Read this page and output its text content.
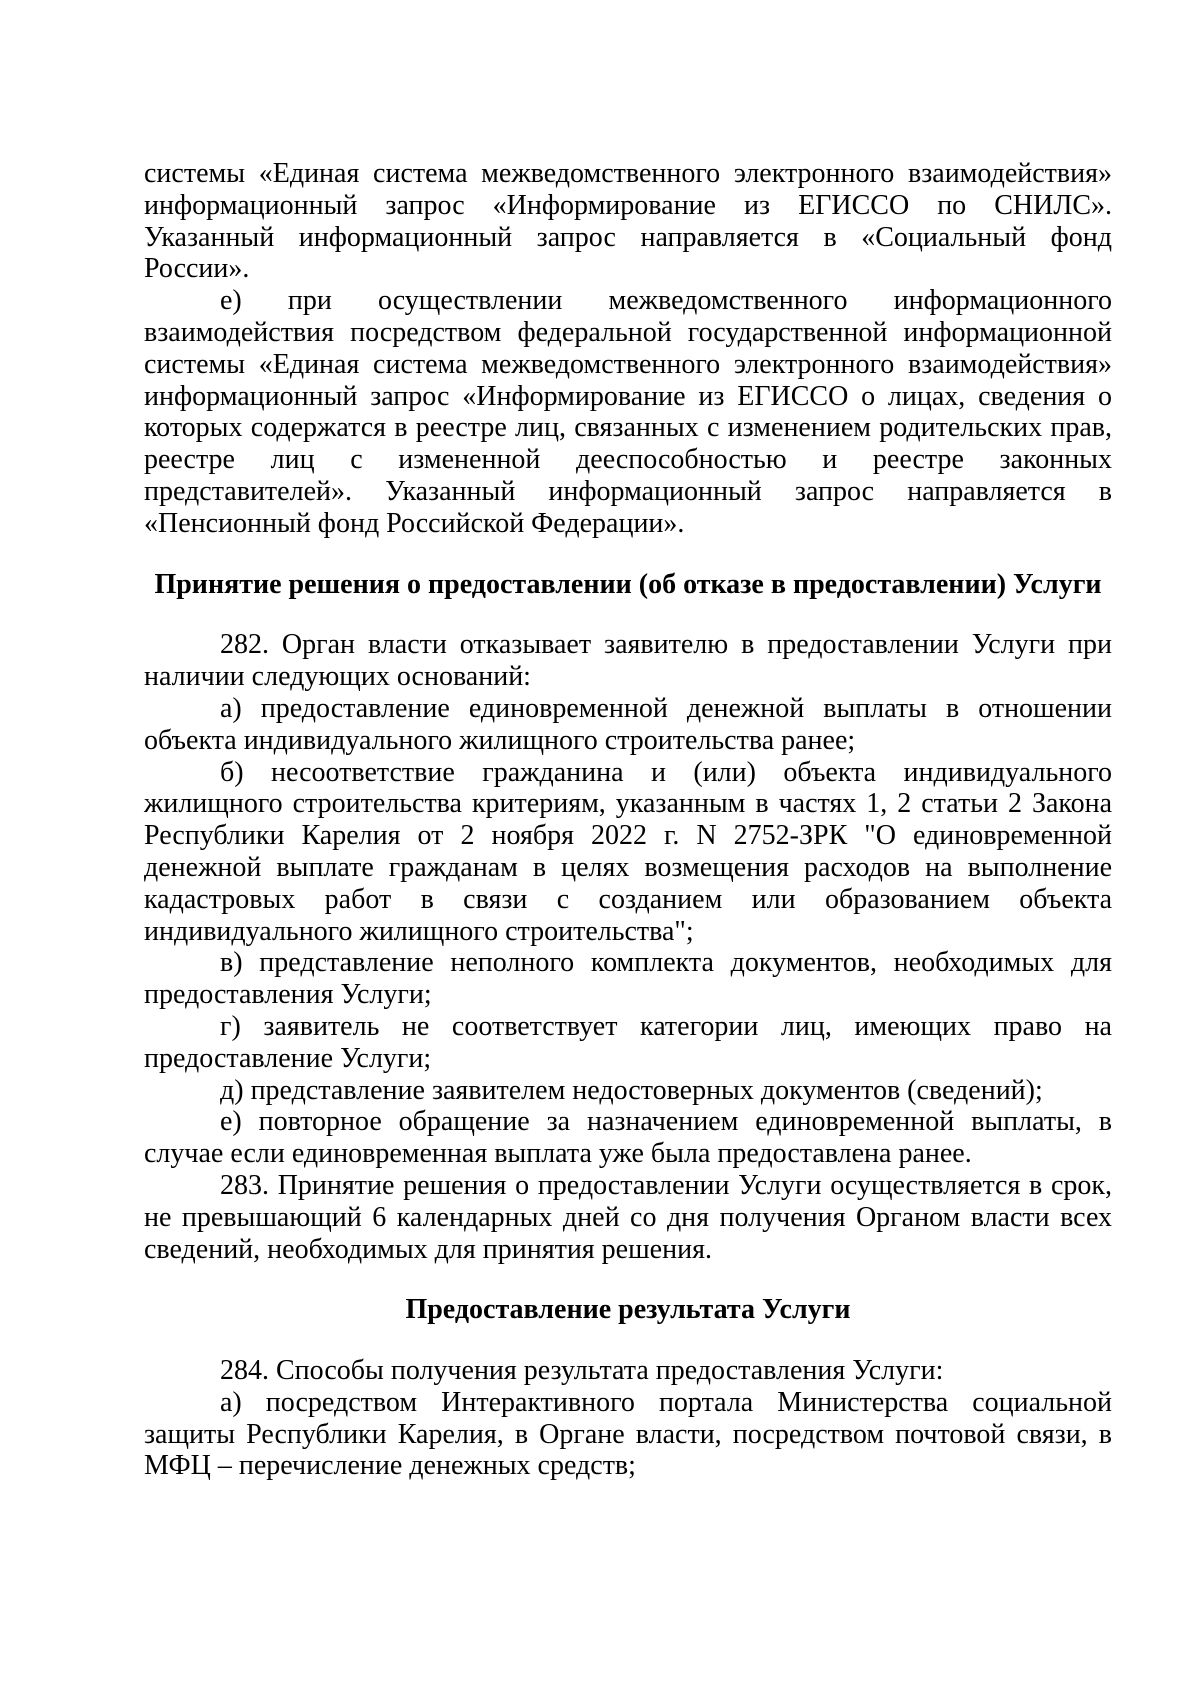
системы «Единая система межведомственного электронного взаимодействия» информационный запрос «Информирование из ЕГИССО по СНИЛС». Указанный информационный запрос направляется в «Социальный фонд России».

е) при осуществлении межведомственного информационного взаимодействия посредством федеральной государственной информационной системы «Единая система межведомственного электронного взаимодействия» информационный запрос «Информирование из ЕГИССО о лицах, сведения о которых содержатся в реестре лиц, связанных с изменением родительских прав, реестре лиц с измененной дееспособностью и реестре законных представителей». Указанный информационный запрос направляется в «Пенсионный фонд Российской Федерации».

Принятие решения о предоставлении (об отказе в предоставлении) Услуги

282. Орган власти отказывает заявителю в предоставлении Услуги при наличии следующих оснований:

а) предоставление единовременной денежной выплаты в отношении объекта индивидуального жилищного строительства ранее;

б) несоответствие гражданина и (или) объекта индивидуального жилищного строительства критериям, указанным в частях 1, 2 статьи 2 Закона Республики Карелия от 2 ноября 2022 г. N 2752-ЗРК "О единовременной денежной выплате гражданам в целях возмещения расходов на выполнение кадастровых работ в связи с созданием или образованием объекта индивидуального жилищного строительства";

в) представление неполного комплекта документов, необходимых для предоставления Услуги;

г) заявитель не соответствует категории лиц, имеющих право на предоставление Услуги;

д) представление заявителем недостоверных документов (сведений);

е) повторное обращение за назначением единовременной выплаты, в случае если единовременная выплата уже была предоставлена ранее.

283. Принятие решения о предоставлении Услуги осуществляется в срок, не превышающий 6 календарных дней со дня получения Органом власти всех сведений, необходимых для принятия решения.

Предоставление результата Услуги

284. Способы получения результата предоставления Услуги:

а) посредством Интерактивного портала Министерства социальной защиты Республики Карелия, в Органе власти, посредством почтовой связи, в МФЦ – перечисление денежных средств;
